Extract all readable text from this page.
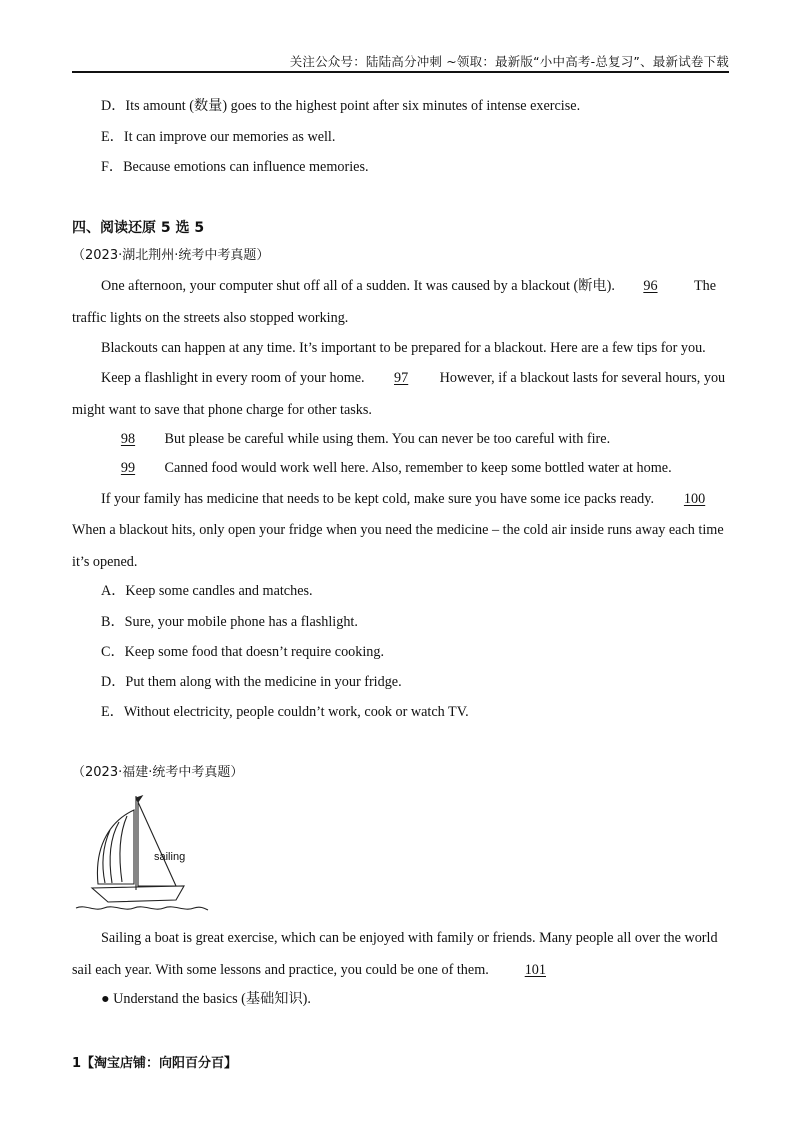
关注公众号：陆陆高分冲刺 ~领取：最新版“小中高考-总复习”、最新试卷下载
D．Its amount (数量) goes to the highest point after six minutes of intense exercise.
E．It can improve our memories as well.
F．Because emotions can influence memories.
四、阅读还原 5 选 5
（2023·湖北荆州·统考中考真题）
One afternoon, your computer shut off all of a sudden. It was caused by a blackout (断电). 96	The
traffic lights on the streets also stopped working.
Blackouts can happen at any time. It’s important to be prepared for a blackout. Here are a few tips for you.
Keep a flashlight in every room of your home. 97 However, if a blackout lasts for several hours, you
might want to save that phone charge for other tasks.
98 But please be careful while using them. You can never be too careful with fire.
99 Canned food would work well here. Also, remember to keep some bottled water at home.
If your family has medicine that needs to be kept cold, make sure you have some ice packs ready. 100
When a blackout hits, only open your fridge when you need the medicine – the cold air inside runs away each time
it’s opened.
A．Keep some candles and matches.
B．Sure, your mobile phone has a flashlight.
C．Keep some food that doesn’t require cooking.
D．Put them along with the medicine in your fridge.
E．Without electricity, people couldn’t work, cook or watch TV.
（2023·福建·统考中考真题）
sailing
Sailing a boat is great exercise, which can be enjoyed with family or friends. Many people all over the world
sail each year. With some lessons and practice, you could be one of them.	101
● Understand the basics (基础知识).
1【淘宝店铺：向阳百分百】
